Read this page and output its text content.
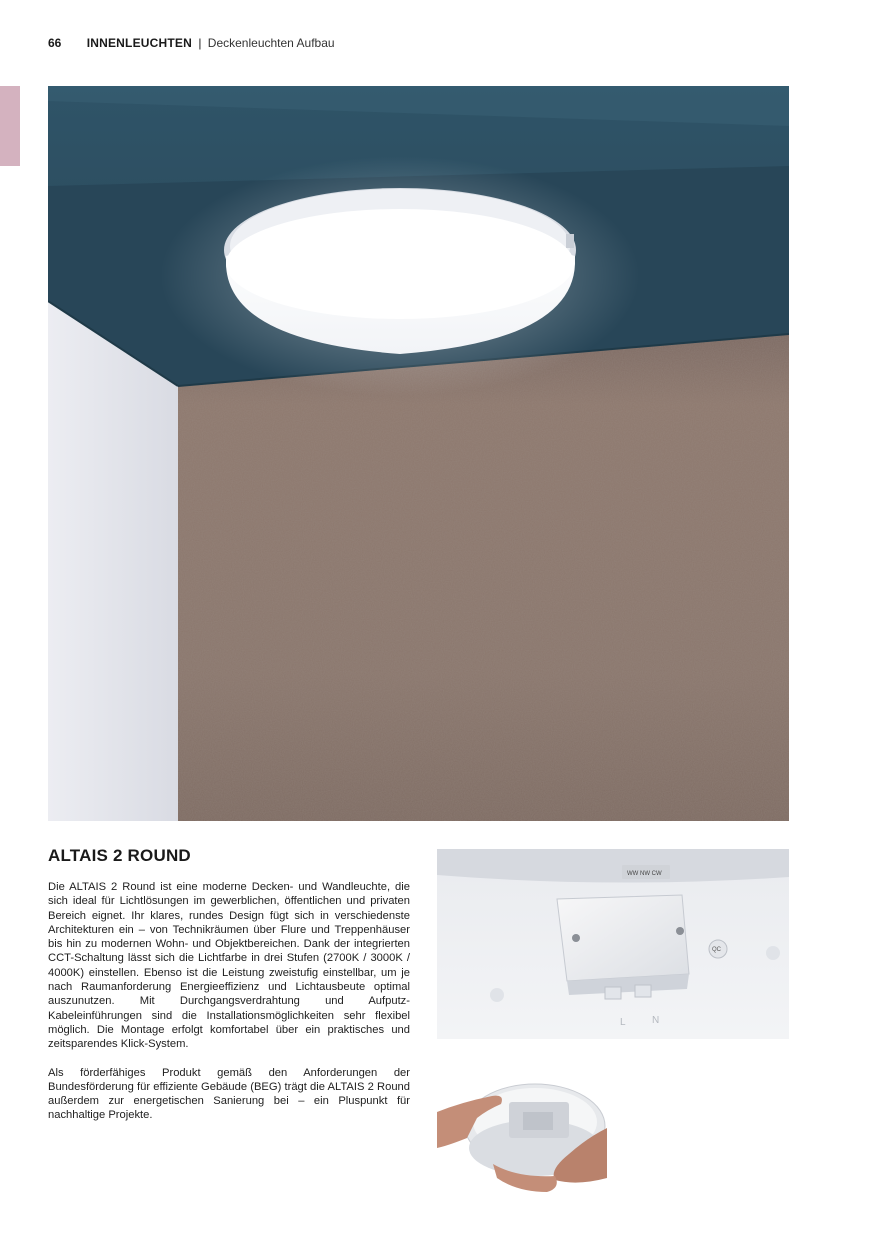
66 INNENLEUCHTEN | Deckenleuchten Aufbau
ALTAIS 2 ROUND

Die ALTAIS 2 Round ist eine moderne Decken- und Wandleuchte, die sich ideal für Lichtlösungen im gewerblichen, öffentlichen und privaten Bereich eignet. Ihr klares, rundes Design fügt sich in verschiedenste Architekturen ein – von Technikräumen über Flure und Treppenhäuser bis hin zu modernen Wohn- und Objektbereichen. Dank der integrierten CCT-Schaltung lässt sich die Lichtfarbe in drei Stufen (2700K / 3000K / 4000K) einstellen. Ebenso ist die Leistung zweistufig einstellbar, um je nach Raumanforderung Energieeffizienz und Lichtausbeute optimal auszunutzen. Mit Durchgangsverdrahtung und Aufputz-Kabeleinführungen sind die Installationsmöglichkeiten sehr flexibel möglich. Die Montage erfolgt komfortabel über ein praktisches und zeitsparendes Klick-System.

Als förderfähiges Produkt gemäß den Anforderungen der Bundesförderung für effiziente Gebäude (BEG) trägt die ALTAIS 2 Round außerdem zur energetischen Sanierung bei – ein Pluspunkt für nachhaltige Projekte.

WW NW CW
QC
L	N
